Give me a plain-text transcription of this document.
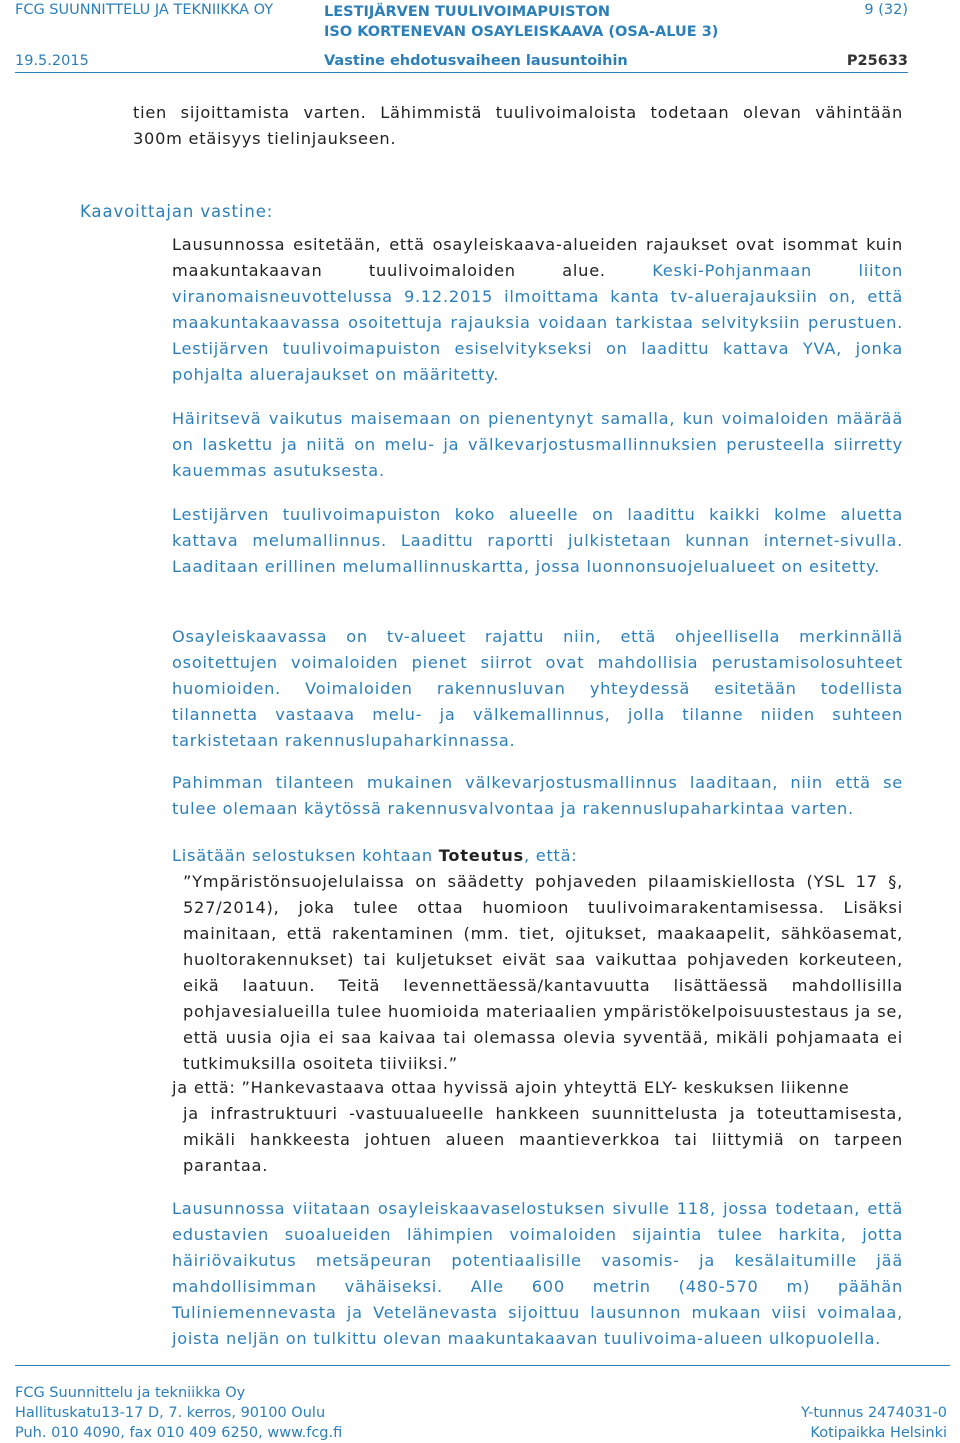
FCG SUUNNITTELU JA TEKNIIKKA OY	LESTIJÄRVEN TUULIVOIMAPUISTON
ISO KORTENEVAN OSAYLEISKAAVA (OSA-ALUE 3)
9 (32)
19.5.2015	Vastine ehdotusvaiheen lausuntoihin	P25633
tien sijoittamista varten. Lähimmistä tuulivoimaloista todetaan olevan vähintään 300m etäisyys tielinjaukseen.
Kaavoittajan vastine:
Lausunnossa esitetään, että osayleiskaava-alueiden rajaukset ovat isommat kuin maakuntakaavan tuulivoimaloiden alue. Keski-Pohjanmaan liiton viranomaisneuvottelussa 9.12.2015 ilmoittama kanta tv-aluerajauksiin on, että maakuntakaavassa osoitettuja rajauksia voidaan tarkistaa selvityksiin perustuen. Lestijärven tuulivoimapuiston esiselvitykseksi on laadittu kattava YVA, jonka pohjalta aluerajaukset on määritetty.
Häiritsevä vaikutus maisemaan on pienentynyt samalla, kun voimaloiden määrää on laskettu ja niitä on melu- ja välkevarjostusmallinnuksien perusteella siirretty kauemmas asutuksesta.
Lestijärven tuulivoimapuiston koko alueelle on laadittu kaikki kolme aluetta kattava melumallinnus. Laadittu raportti julkistetaan kunnan internet-sivulla. Laaditaan erillinen melumallinnuskartta, jossa luonnonsuojelualueet on esitetty.
Osayleiskaavassa on tv-alueet rajattu niin, että ohjeellisella merkinnällä osoitettujen voimaloiden pienet siirrot ovat mahdollisia perustamisolosuhteet huomioiden. Voimaloiden rakennusluvan yhteydessä esitetään todellista tilannetta vastaava melu- ja välkemallinnus, jolla tilanne niiden suhteen tarkistetaan rakennuslupaharkinnassa.
Pahimman tilanteen mukainen välkevarjostusmallinnus laaditaan, niin että se tulee olemaan käytössä rakennusvalvontaa ja rakennuslupaharkintaa varten.
Lisätään selostuksen kohtaan Toteutus, että:
”Ympäristönsuojelulaissa on säädetty pohjaveden pilaamiskiellosta (YSL 17 §, 527/2014), joka tulee ottaa huomioon tuulivoimarakentamisessa. Lisäksi mainitaan, että rakentaminen (mm. tiet, ojitukset, maakaapelit, sähköasemat, huoltorakennukset) tai kuljetukset eivät saa vaikuttaa pohjaveden korkeuteen, eikä laatuun. Teitä levennettäessä/kantavuutta lisättäessä mahdollisilla pohjavesialueilla tulee huomioida materiaalien ympäristökelpoisuustestaus ja se, että uusia ojia ei saa kaivaa tai olemassa olevia syventää, mikäli pohjamaata ei tutkimuksilla osoiteta tiiviiksi.”
ja että: ”Hankevastaava ottaa hyvissä ajoin yhteyttä ELY- keskuksen liikenne
ja infrastruktuuri -vastuualueelle hankkeen suunnittelusta ja toteuttamisesta, mikäli hankkeesta johtuen alueen maantieverkkoa tai liittymiä on tarpeen parantaa.
Lausunnossa viitataan osayleiskaavaselostuksen sivulle 118, jossa todetaan, että edustavien suoalueiden lähimpien voimaloiden sijaintia tulee harkita, jotta häiriövaikutus metsäpeuran potentiaalisille vasomis- ja kesälaitumille jää mahdollisimman vähäiseksi. Alle 600 metrin (480-570 m) päähän Tuliniemennevasta ja Vetelänevasta sijoittuu lausunnon mukaan viisi voimalaa, joista neljän on tulkittu olevan maakuntakaavan tuulivoima-alueen ulkopuolella.
FCG Suunnittelu ja tekniikka Oy
Hallituskatu13-17 D, 7. kerros, 90100 Oulu
Puh. 010 4090, fax 010 409 6250, www.fcg.fi
Y-tunnus 2474031-0
Kotipaikka Helsinki
